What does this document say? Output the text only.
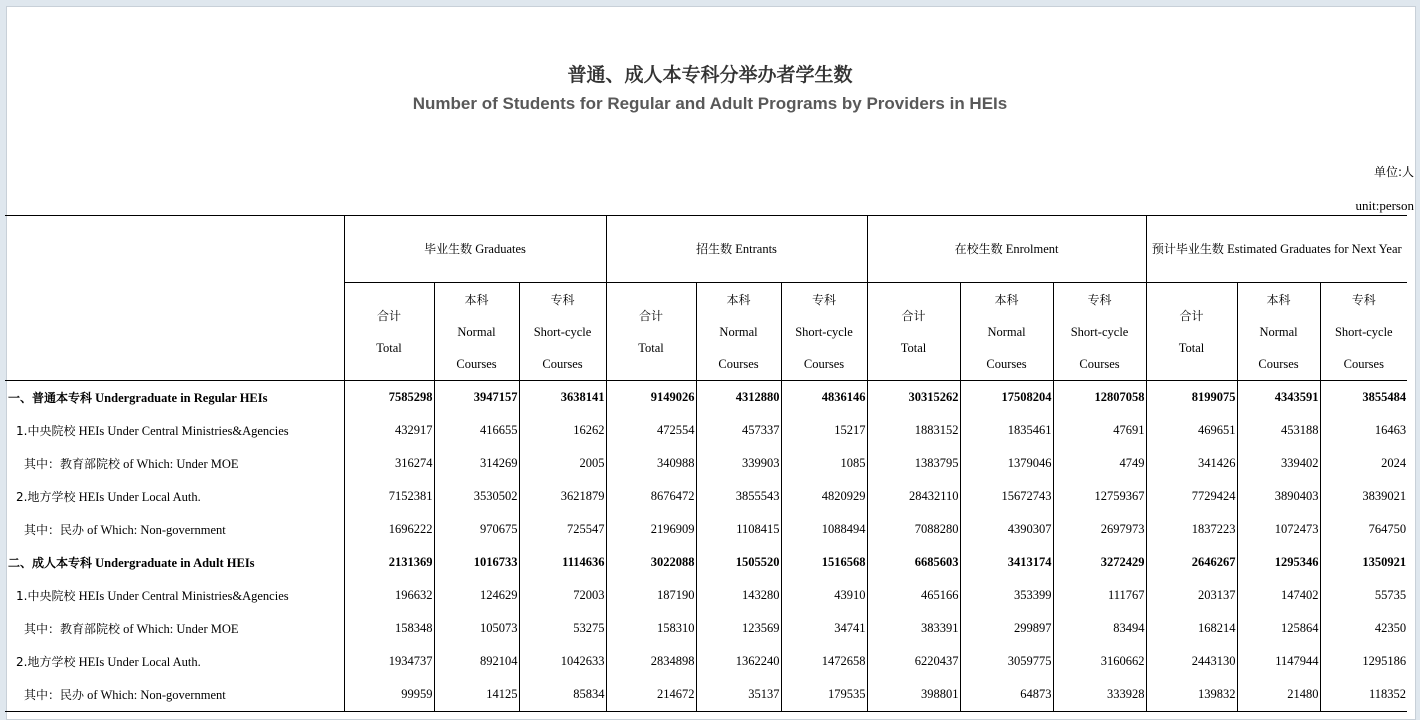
普通、成人本专科分举办者学生数
Number of Students for Regular and Adult Programs by Providers in HEIs
单位:人
unit:person
	毕业生数 Graduates			招生数 Entrants			在校生数 Enrolment			预计毕业生数 Estimated Graduates for Next Year		

	合计
Total	本科
Normal
Courses	专科
Short-cycle
Courses	合计
Total	本科
Normal
Courses	专科
Short-cycle
Courses	合计
Total	本科
Normal
Courses	专科
Short-cycle
Courses	合计
Total	本科
Normal
Courses	专科
Short-cycle
Courses

一、普通本专科 Undergraduate in Regular HEIs	7585298	3947157	3638141	9149026	4312880	4836146	30315262	17508204	12807058	8199075	4343591	3855484
1.中央院校 HEIs Under Central Ministries&Agencies	432917	416655	16262	472554	457337	15217	1883152	1835461	47691	469651	453188	16463
其中：教育部院校 of Which: Under MOE	316274	314269	2005	340988	339903	1085	1383795	1379046	4749	341426	339402	2024
2.地方学校 HEIs Under Local Auth.	7152381	3530502	3621879	8676472	3855543	4820929	28432110	15672743	12759367	7729424	3890403	3839021
其中：民办 of Which: Non-government	1696222	970675	725547	2196909	1108415	1088494	7088280	4390307	2697973	1837223	1072473	764750
二、成人本专科 Undergraduate in Adult HEIs	2131369	1016733	1114636	3022088	1505520	1516568	6685603	3413174	3272429	2646267	1295346	1350921
1.中央院校 HEIs Under Central Ministries&Agencies	196632	124629	72003	187190	143280	43910	465166	353399	111767	203137	147402	55735
其中：教育部院校 of Which: Under MOE	158348	105073	53275	158310	123569	34741	383391	299897	83494	168214	125864	42350
2.地方学校 HEIs Under Local Auth.	1934737	892104	1042633	2834898	1362240	1472658	6220437	3059775	3160662	2443130	1147944	1295186
其中：民办 of Which: Non-government	99959	14125	85834	214672	35137	179535	398801	64873	333928	139832	21480	118352
